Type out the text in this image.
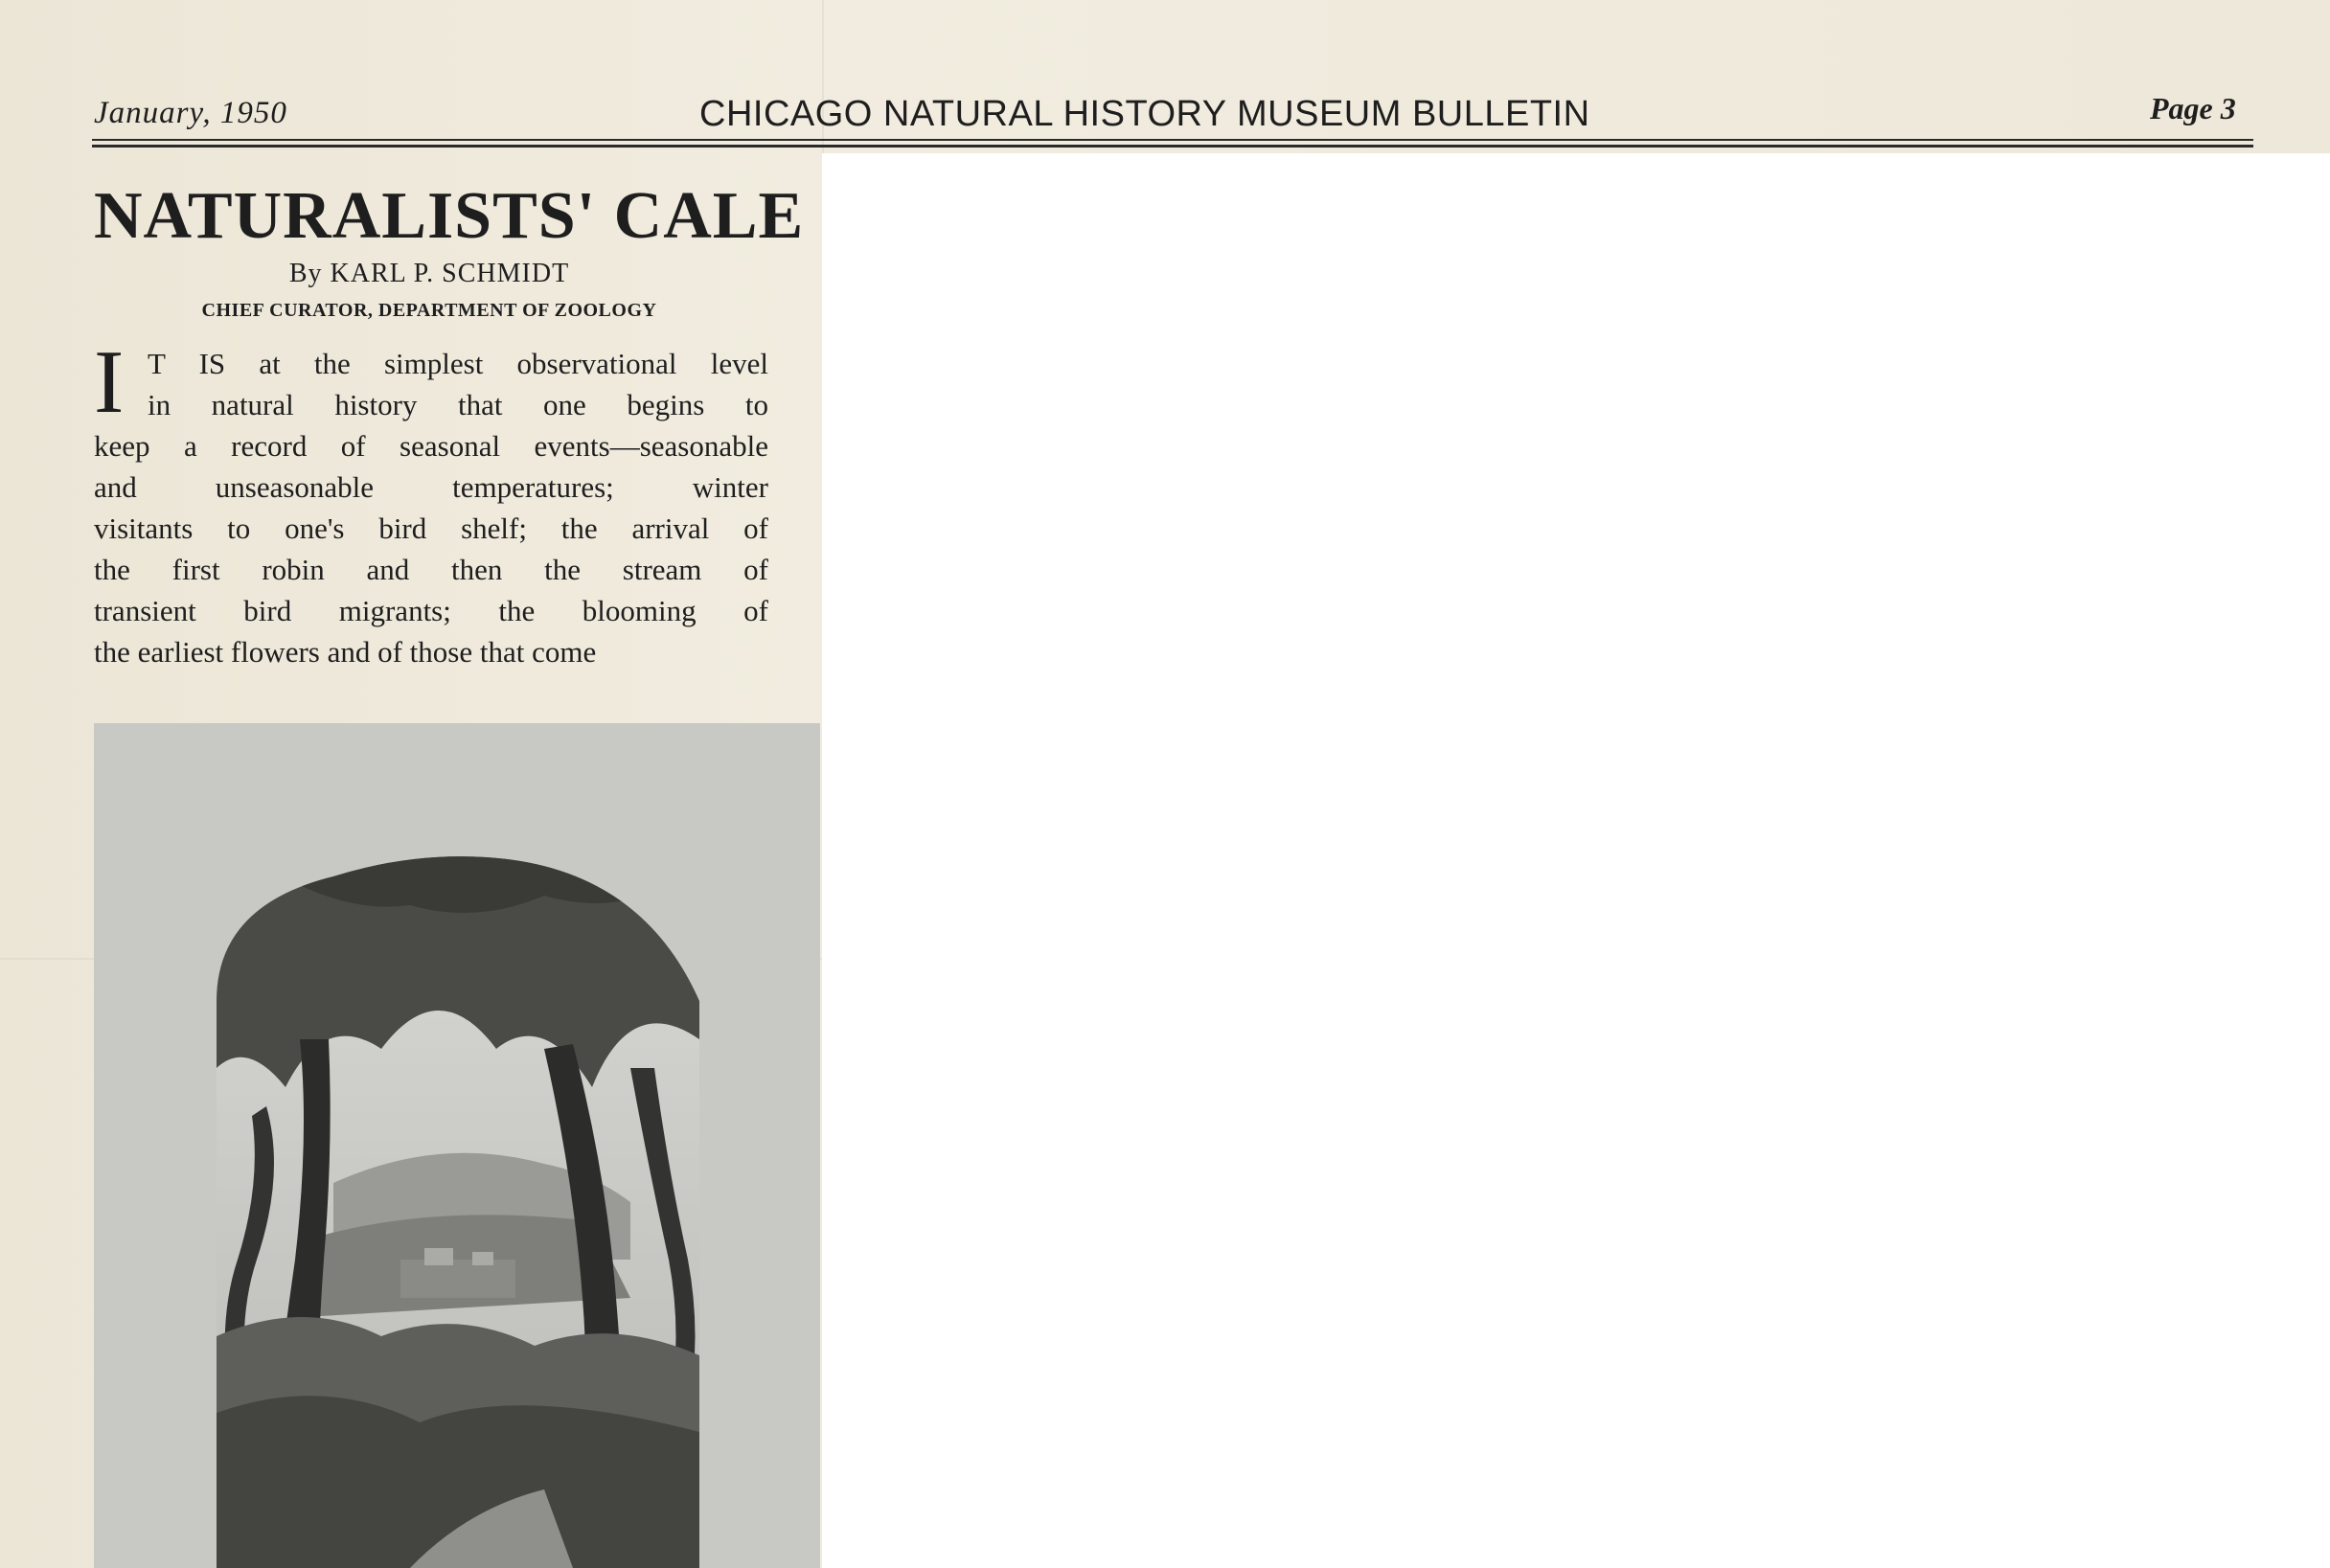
January, 1950	CHICAGO NATURAL HISTORY MUSEUM BULLETIN	Page 3
NATURALISTS' CALE
By KARL P. SCHMIDT
CHIEF CURATOR, DEPARTMENT OF ZOOLOGY
I T IS at the simplest observational level
in natural history that one begins to
keep a record of seasonal events—seasonable
and unseasonable temperatures; winter
visitants to one's bird shelf; the arrival of
the first robin and then the stream of
transient bird migrants; the blooming of
the earliest flowers and of those that come
